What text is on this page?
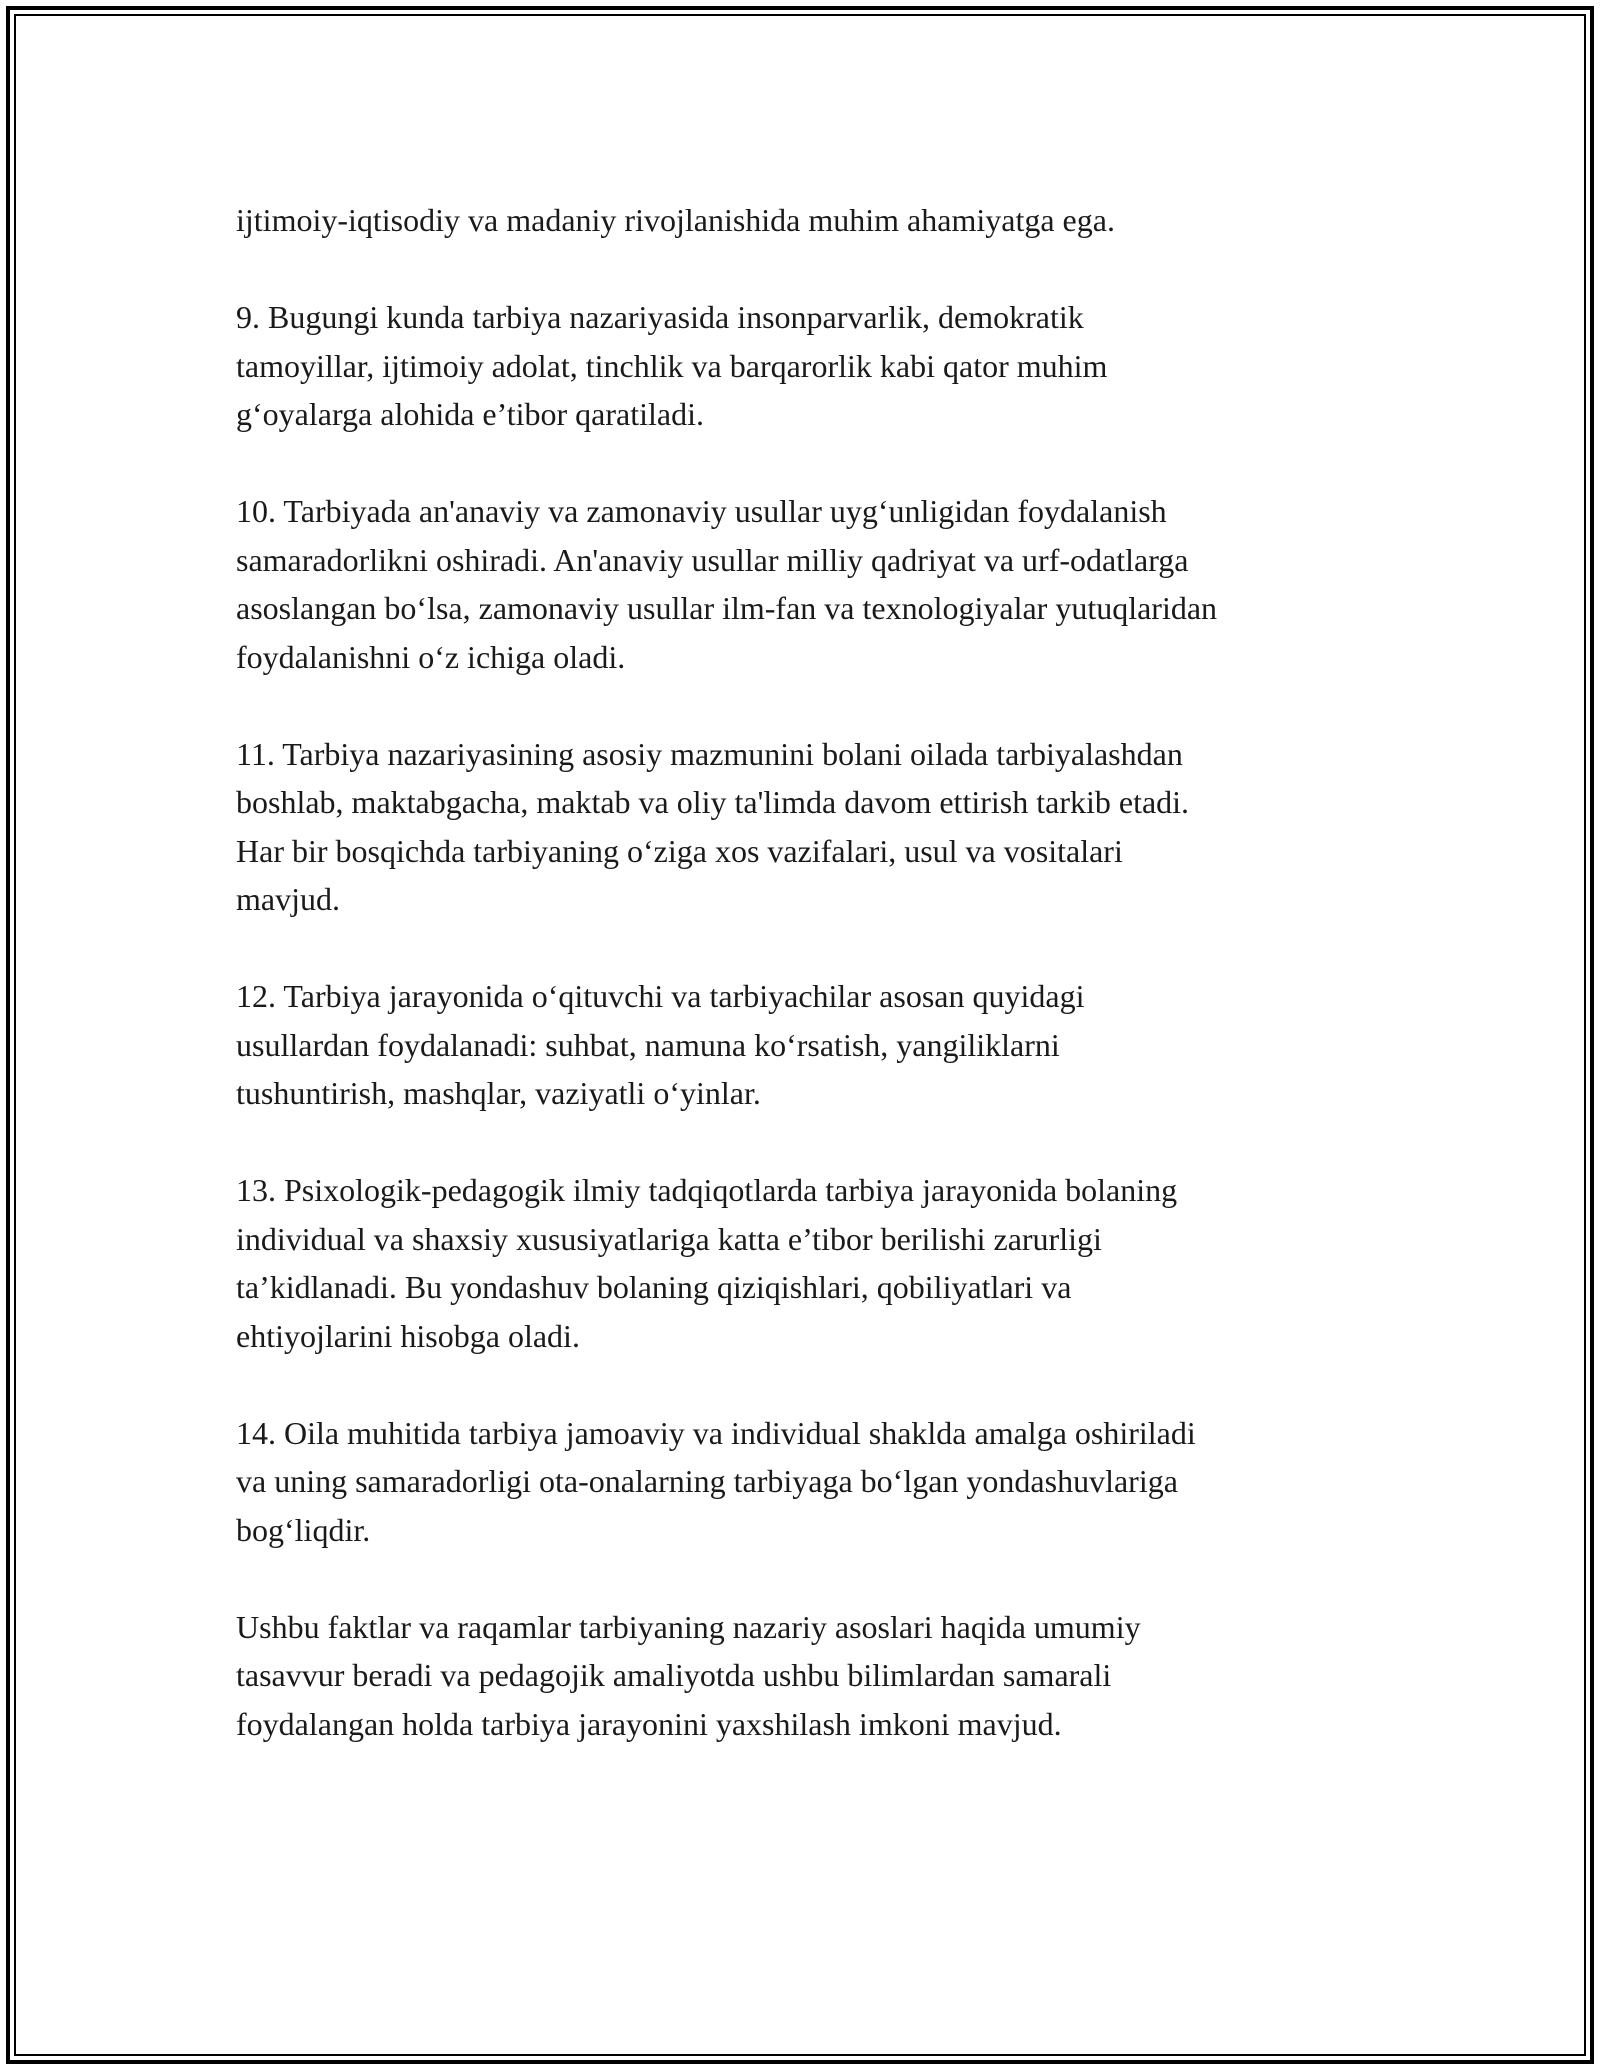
ijtimoiy-iqtisodiy va madaniy rivojlanishida muhim ahamiyatga ega.

9. Bugungi kunda tarbiya nazariyasida insonparvarlik, demokratik
tamoyillar, ijtimoiy adolat, tinchlik va barqarorlik kabi qator muhim
g‘oyalarga alohida e’tibor qaratiladi.

10. Tarbiyada an'anaviy va zamonaviy usullar uyg‘unligidan foydalanish
samaradorlikni oshiradi. An'anaviy usullar milliy qadriyat va urf-odatlarga
asoslangan bo‘lsa, zamonaviy usullar ilm-fan va texnologiyalar yutuqlaridan
foydalanishni o‘z ichiga oladi.

11. Tarbiya nazariyasining asosiy mazmunini bolani oilada tarbiyalashdan
boshlab, maktabgacha, maktab va oliy ta'limda davom ettirish tarkib etadi.
Har bir bosqichda tarbiyaning o‘ziga xos vazifalari, usul va vositalari
mavjud.

12. Tarbiya jarayonida o‘qituvchi va tarbiyachilar asosan quyidagi
usullardan foydalanadi: suhbat, namuna ko‘rsatish, yangiliklarni
tushuntirish, mashqlar, vaziyatli o‘yinlar.

13. Psixologik-pedagogik ilmiy tadqiqotlarda tarbiya jarayonida bolaning
individual va shaxsiy xususiyatlariga katta e’tibor berilishi zarurligi
ta’kidlanadi. Bu yondashuv bolaning qiziqishlari, qobiliyatlari va
ehtiyojlarini hisobga oladi.

14. Oila muhitida tarbiya jamoaviy va individual shakldа amalga oshiriladi
va uning samaradorligi ota-onalarning tarbiyaga bo‘lgan yondashuvlariga
bog‘liqdir.

Ushbu faktlar va raqamlar tarbiyaning nazariy asoslari haqida umumiy
tasavvur beradi va pedagojik amaliyotda ushbu bilimlardan samarali
foydalangan holda tarbiya jarayonini yaxshilash imkoni mavjud.
